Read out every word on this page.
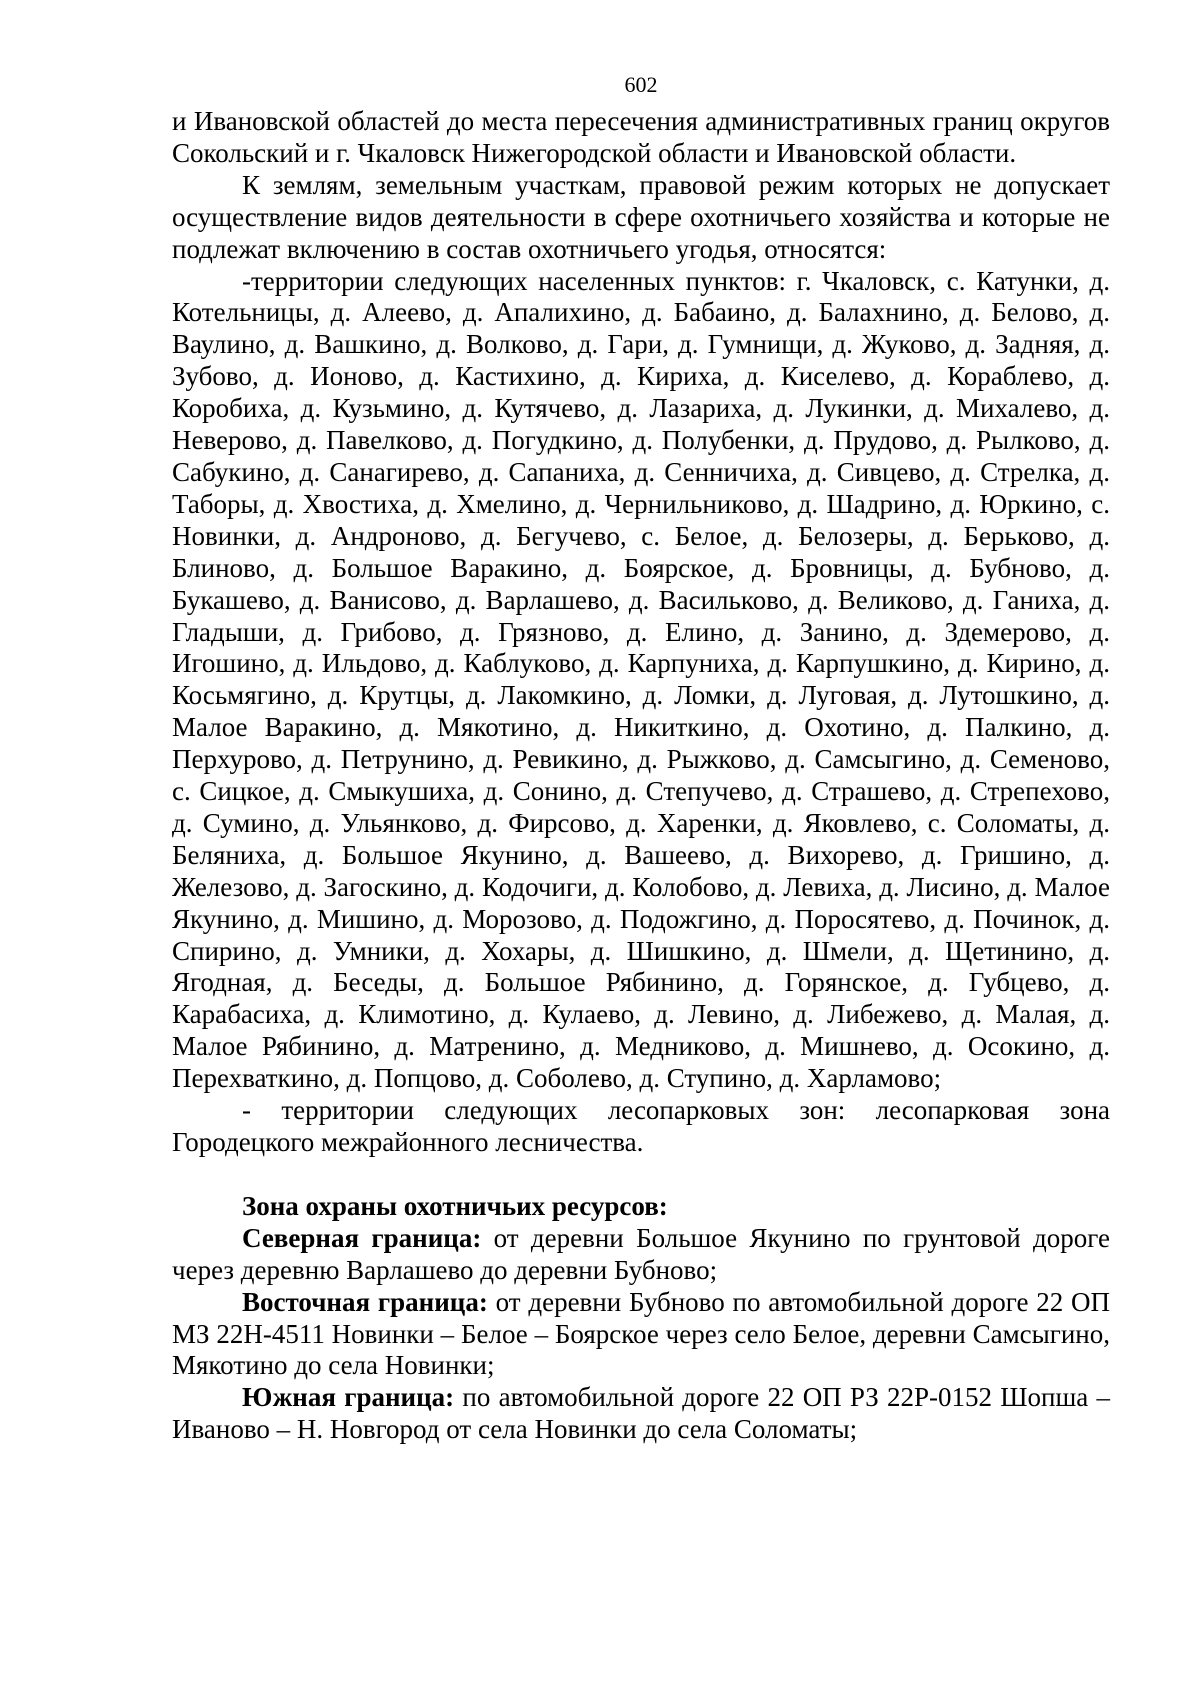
602

и Ивановской областей до места пересечения административных границ округов Сокольский и г. Чкаловск Нижегородской области и Ивановской области.

К землям, земельным участкам, правовой режим которых не допускает осуществление видов деятельности в сфере охотничьего хозяйства и которые не подлежат включению в состав охотничьего угодья, относятся:

-территории следующих населенных пунктов: г. Чкаловск, с. Катунки, д. Котельницы, д. Алеево, д. Апалихино, д. Бабаино, д. Балахнино, д. Белово, д. Ваулино, д. Вашкино, д. Волково, д. Гари, д. Гумнищи, д. Жуково, д. Задняя, д. Зубово, д. Ионово, д. Кастихино, д. Кириха, д. Киселево, д. Кораблево, д. Коробиха, д. Кузьмино, д. Кутячево, д. Лазариха, д. Лукинки, д. Михалево, д. Неверово, д. Павелково, д. Погудкино, д. Полубенки, д. Прудово, д. Рылково, д. Сабукино, д. Санагирево, д. Сапаниха, д. Сенничиха, д. Сивцево, д. Стрелка, д. Таборы, д. Хвостиха, д. Хмелино, д. Чернильниково, д. Шадрино, д. Юркино, с. Новинки, д. Андроново, д. Бегучево, с. Белое, д. Белозеры, д. Берьково, д. Блиново, д. Большое Варакино, д. Боярское, д. Бровницы, д. Бубново, д. Букашево, д. Ванисово, д. Варлашево, д. Васильково, д. Великово, д. Ганиха, д. Гладыши, д. Грибово, д. Грязново, д. Елино, д. Занино, д. Здемерово, д. Игошино, д. Ильдово, д. Каблуково, д. Карпуниха, д. Карпушкино, д. Кирино, д. Косьмягино, д. Крутцы, д. Лакомкино, д. Ломки, д. Луговая, д. Лутошкино, д. Малое Варакино, д. Мякотино, д. Никиткино, д. Охотино, д. Палкино, д. Перхурово, д. Петрунино, д. Ревикино, д. Рыжково, д. Самсыгино, д. Семеново, с. Сицкое, д. Смыкушиха, д. Сонино, д. Степучево, д. Страшево, д. Стрепехово, д. Сумино, д. Ульянково, д. Фирсово, д. Харенки, д. Яковлево, с. Соломаты, д. Беляниха, д. Большое Якунино, д. Вашеево, д. Вихорево, д. Гришино, д. Железово, д. Загоскино, д. Кодочиги, д. Колобово, д. Левиха, д. Лисино, д. Малое Якунино, д. Мишино, д. Морозово, д. Подожгино, д. Поросятево, д. Починок, д. Спирино, д. Умники, д. Хохары, д. Шишкино, д. Шмели, д. Щетинино, д. Ягодная, д. Беседы, д. Большое Рябинино, д. Горянское, д. Губцево, д. Карабасиха, д. Климотино, д. Кулаево, д. Левино, д. Либежево, д. Малая, д. Малое Рябинино, д. Матренино, д. Медниково, д. Мишнево, д. Осокино, д. Перехваткино, д. Попцово, д. Соболево, д. Ступино, д. Харламово;

- территории следующих лесопарковых зон: лесопарковая зона Городецкого межрайонного лесничества.

Зона охраны охотничьих ресурсов:

Северная граница: от деревни Большое Якунино по грунтовой дороге через деревню Варлашево до деревни Бубново;

Восточная граница: от деревни Бубново по автомобильной дороге 22 ОП МЗ 22Н-4511 Новинки – Белое – Боярское через село Белое, деревни Самсыгино, Мякотино до села Новинки;

Южная граница: по автомобильной дороге 22 ОП РЗ 22Р-0152 Шопша – Иваново – Н. Новгород от села Новинки до села Соломаты;
